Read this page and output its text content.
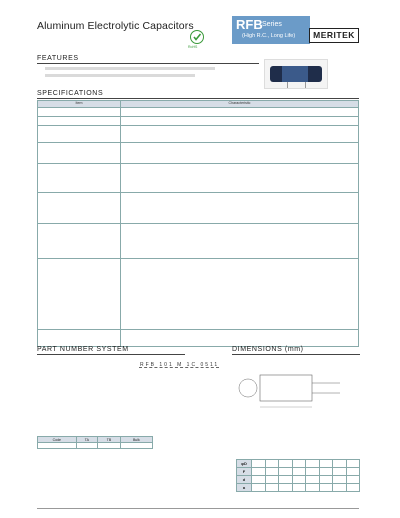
Aluminum Electrolytic Capacitors
RoHS
RFB Series
(High R.C., Long Life)	MERITEK
FEATURES
SPECIFICATIONS
Item	Characteristic

PART NUMBER SYSTEM
RFB 101 M 1C 0511
Code	TA	TB	Bulk

DIMENSIONS (mm)
φD								
F								
d								
a								
